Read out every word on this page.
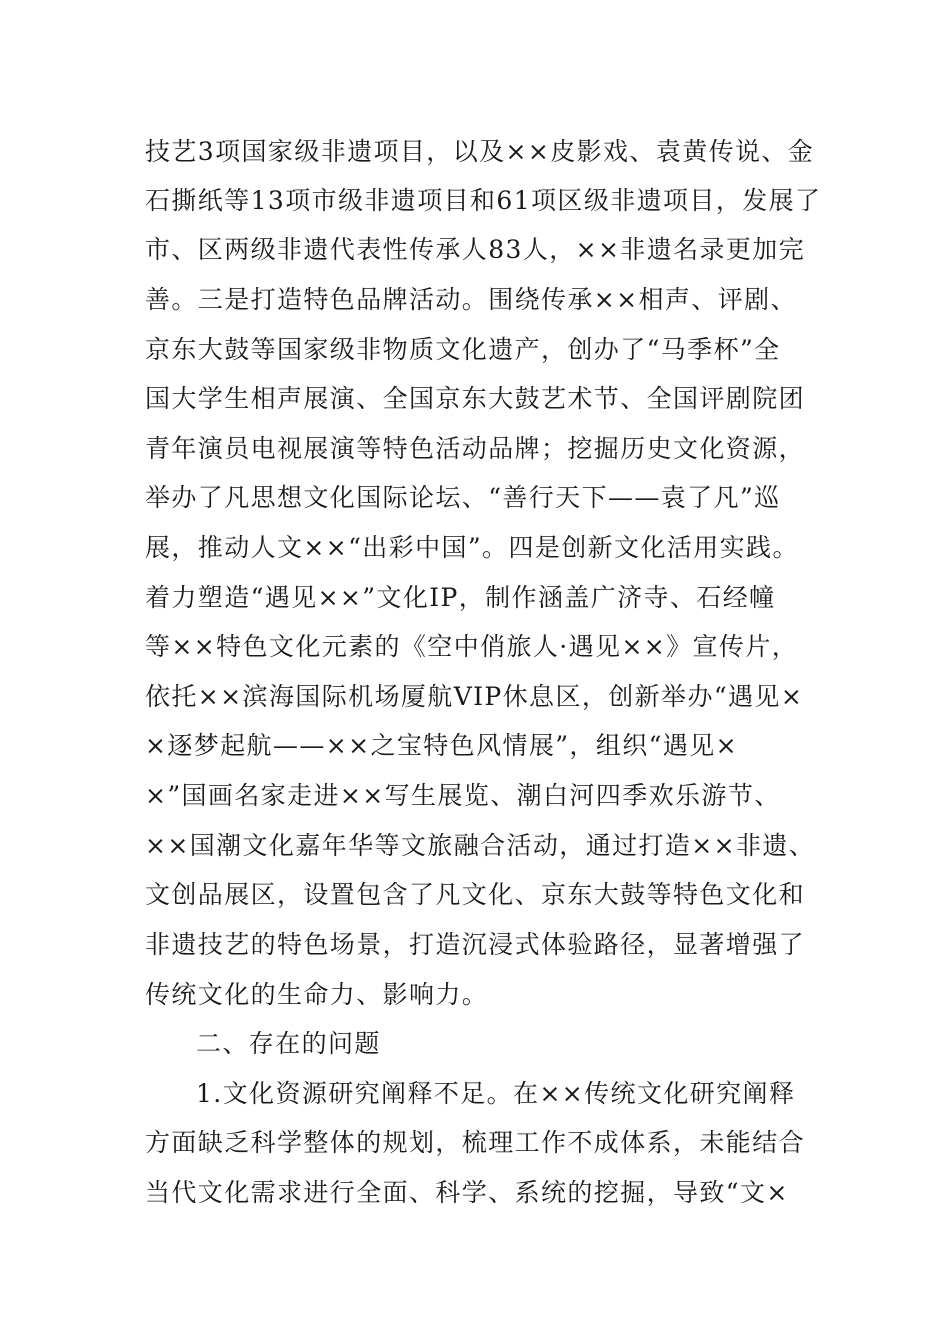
技艺3项国家级非遗项目，以及××皮影戏、袁黄传说、金
石撕纸等13项市级非遗项目和61项区级非遗项目，发展了
市、区两级非遗代表性传承人83人，××非遗名录更加完
善。三是打造特色品牌活动。围绕传承××相声、评剧、
京东大鼓等国家级非物质文化遗产，创办了“马季杯”全
国大学生相声展演、全国京东大鼓艺术节、全国评剧院团
青年演员电视展演等特色活动品牌；挖掘历史文化资源，
举办了凡思想文化国际论坛、“善行天下——袁了凡”巡
展，推动人文××“出彩中国”。四是创新文化活用实践。
着力塑造“遇见××”文化IP，制作涵盖广济寺、石经幢
等××特色文化元素的《空中俏旅人·遇见××》宣传片，
依托××滨海国际机场厦航VIP休息区，创新举办“遇见×
×逐梦起航——××之宝特色风情展”，组织“遇见×
×”国画名家走进××写生展览、潮白河四季欢乐游节、
××国潮文化嘉年华等文旅融合活动，通过打造××非遗、
文创品展区，设置包含了凡文化、京东大鼓等特色文化和
非遗技艺的特色场景，打造沉浸式体验路径，显著增强了
传统文化的生命力、影响力。
二、存在的问题
1.文化资源研究阐释不足。在××传统文化研究阐释
方面缺乏科学整体的规划，梳理工作不成体系，未能结合
当代文化需求进行全面、科学、系统的挖掘，导致“文×
